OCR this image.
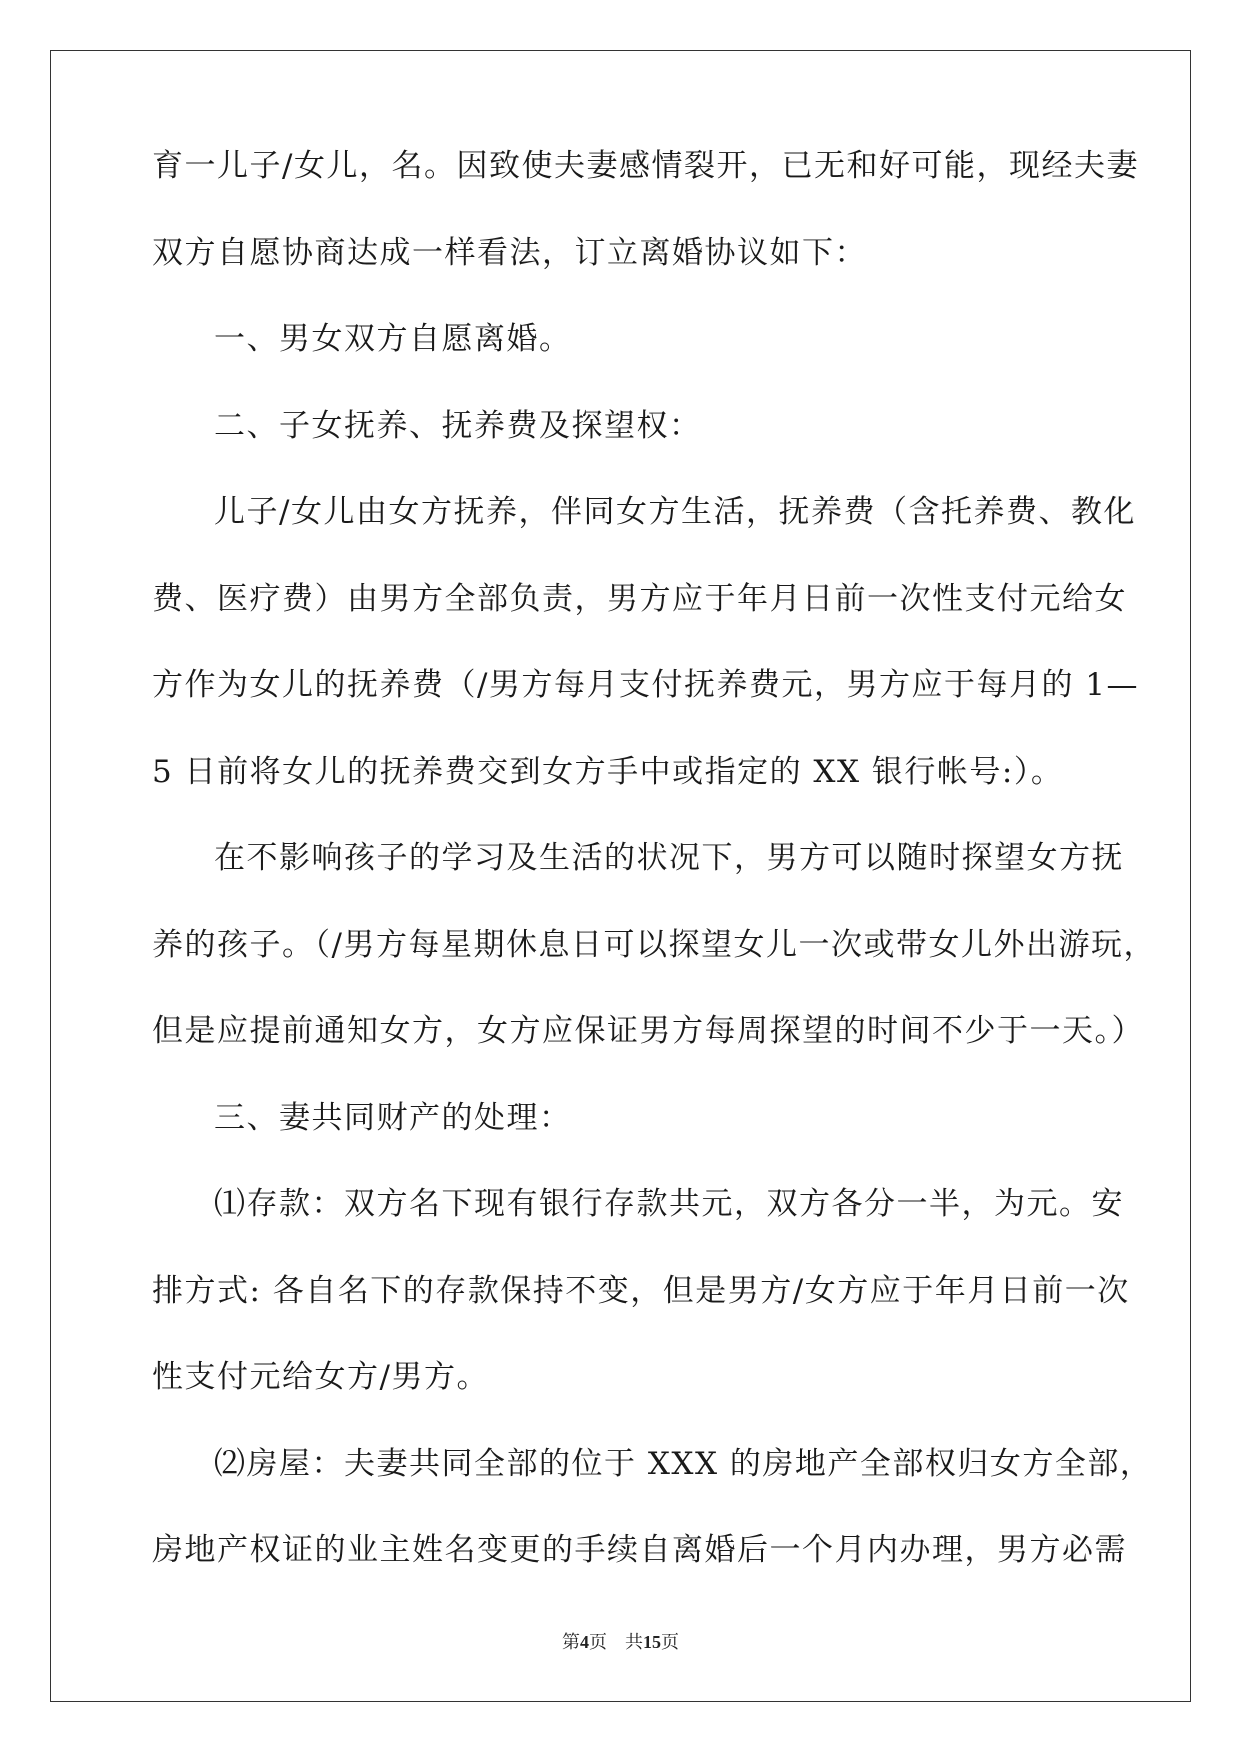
育一儿子/女儿，名。因致使夫妻感情裂开，已无和好可能，现经夫妻
双方自愿协商达成一样看法，订立离婚协议如下：
一、男女双方自愿离婚。
二、子女抚养、抚养费及探望权：
儿子/女儿由女方抚养，伴同女方生活，抚养费（含托养费、教化
费、医疗费）由男方全部负责，男方应于年月日前一次性支付元给女
方作为女儿的抚养费（/男方每月支付抚养费元，男方应于每月的 1—
5 日前将女儿的抚养费交到女方手中或指定的 XX 银行帐号:）。
在不影响孩子的学习及生活的状况下，男方可以随时探望女方抚
养的孩子。（/男方每星期休息日可以探望女儿一次或带女儿外出游玩，
但是应提前通知女方，女方应保证男方每周探望的时间不少于一天。）
三、妻共同财产的处理：
⑴存款：双方名下现有银行存款共元，双方各分一半，为元。安
排方式: 各自名下的存款保持不变，但是男方/女方应于年月日前一次
性支付元给女方/男方。
⑵房屋：夫妻共同全部的位于 XXX 的房地产全部权归女方全部，
房地产权证的业主姓名变更的手续自离婚后一个月内办理，男方必需
第4页 共15页
